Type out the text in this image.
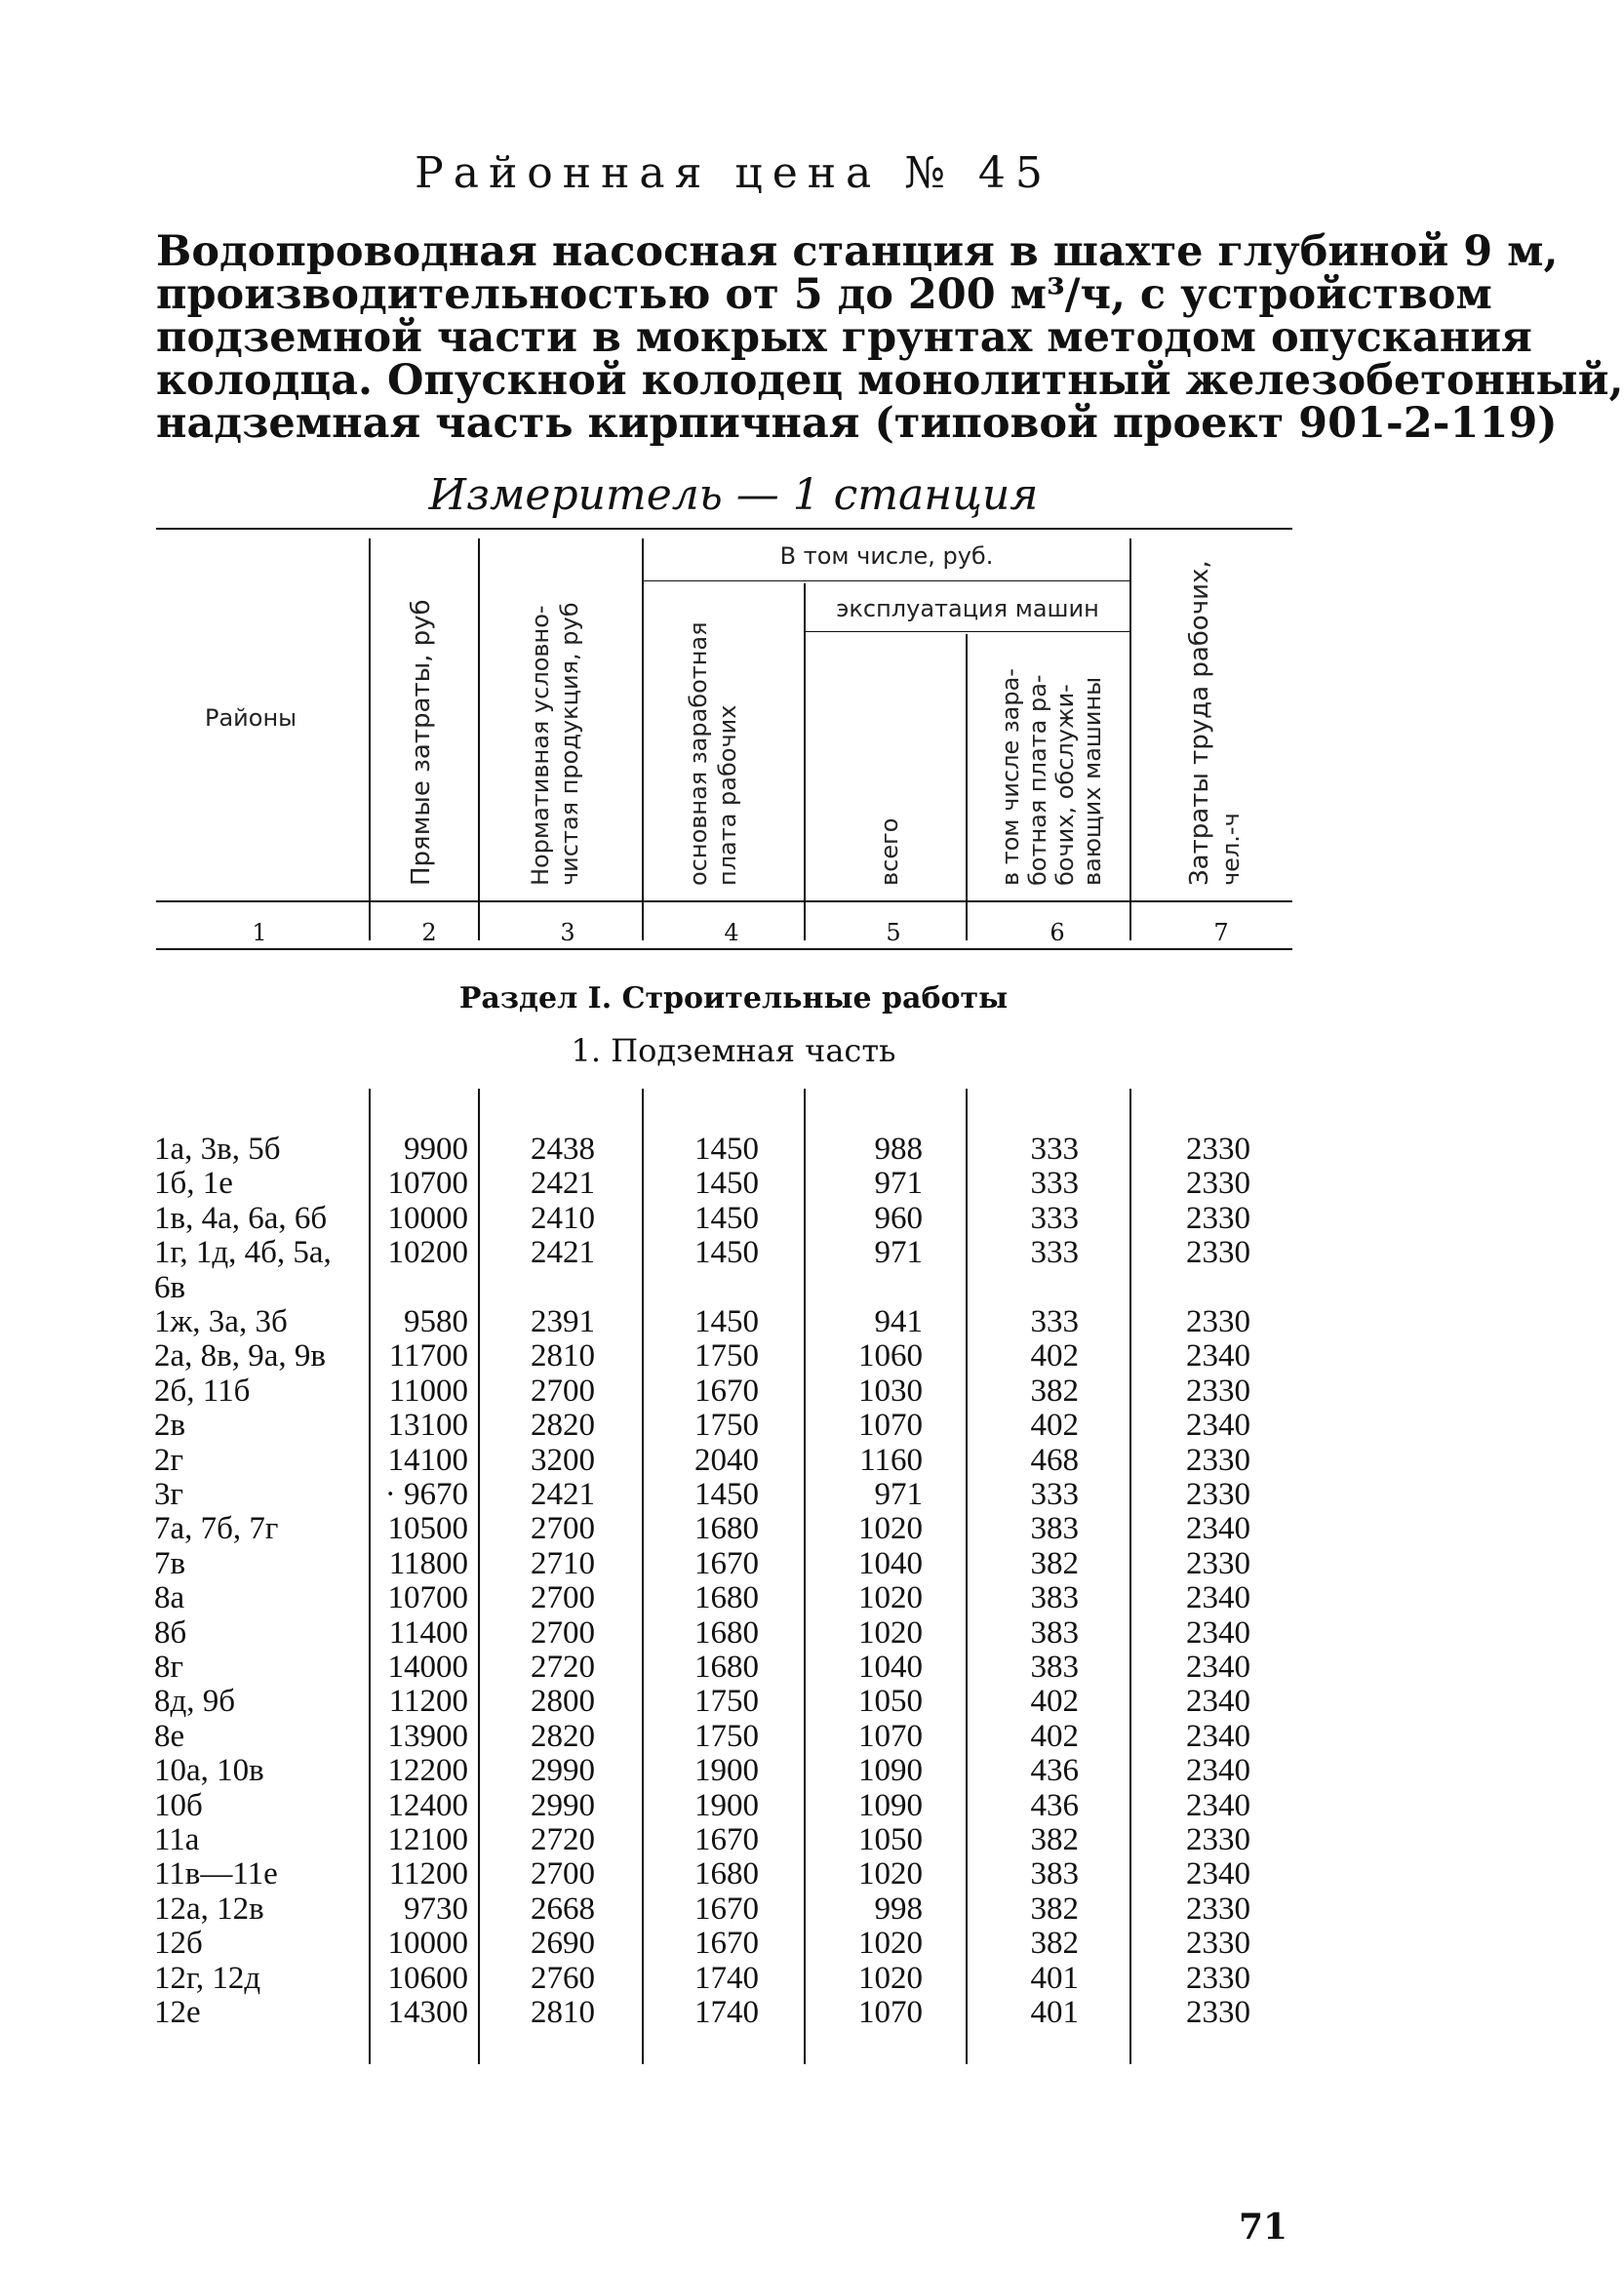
Районная цена № 45
Водопроводная насосная станция в шахте глубиной 9 м,
производительностью от 5 до 200 м³/ч, с устройством
подземной части в мокрых грунтах методом опускания
колодца. Опускной колодец монолитный железобетонный,
надземная часть кирпичная (типовой проект 901-2-119)
Измеритель — 1 станция
Районы
В том числе, руб.
эксплуатация машин
Прямые затраты, руб	Нормативная условно- чистая продукция, руб	основная заработная плата рабочих	всего	в том числе зара- ботная плата ра- бочих, обслужи- вающих машины	Затраты труда рабочих, чел.-ч
1	2	3	4	5	6	7
Раздел I. Строительные работы
1. Подземная часть
1а, 3в, 5б	9900	2438	1450	988	333	2330
1б, 1е	10700	2421	1450	971	333	2330
1в, 4а, 6а, 6б	10000	2410	1450	960	333	2330
1г, 1д, 4б, 5а,	10200	2421	1450	971	333	2330
6в
1ж, 3а, 3б	9580	2391	1450	941	333	2330
2а, 8в, 9а, 9в	11700	2810	1750	1060	402	2340
2б, 11б	11000	2700	1670	1030	382	2330
2в	13100	2820	1750	1070	402	2340
2г	14100	3200	2040	1160	468	2330
3г	· 9670	2421	1450	971	333	2330
7а, 7б, 7г	10500	2700	1680	1020	383	2340
7в	11800	2710	1670	1040	382	2330
8а	10700	2700	1680	1020	383	2340
8б	11400	2700	1680	1020	383	2340
8г	14000	2720	1680	1040	383	2340
8д, 9б	11200	2800	1750	1050	402	2340
8е	13900	2820	1750	1070	402	2340
10а, 10в	12200	2990	1900	1090	436	2340
10б	12400	2990	1900	1090	436	2340
11а	12100	2720	1670	1050	382	2330
11в—11е	11200	2700	1680	1020	383	2340
12а, 12в	9730	2668	1670	998	382	2330
12б	10000	2690	1670	1020	382	2330
12г, 12д	10600	2760	1740	1020	401	2330
12е	14300	2810	1740	1070	401	2330
71
